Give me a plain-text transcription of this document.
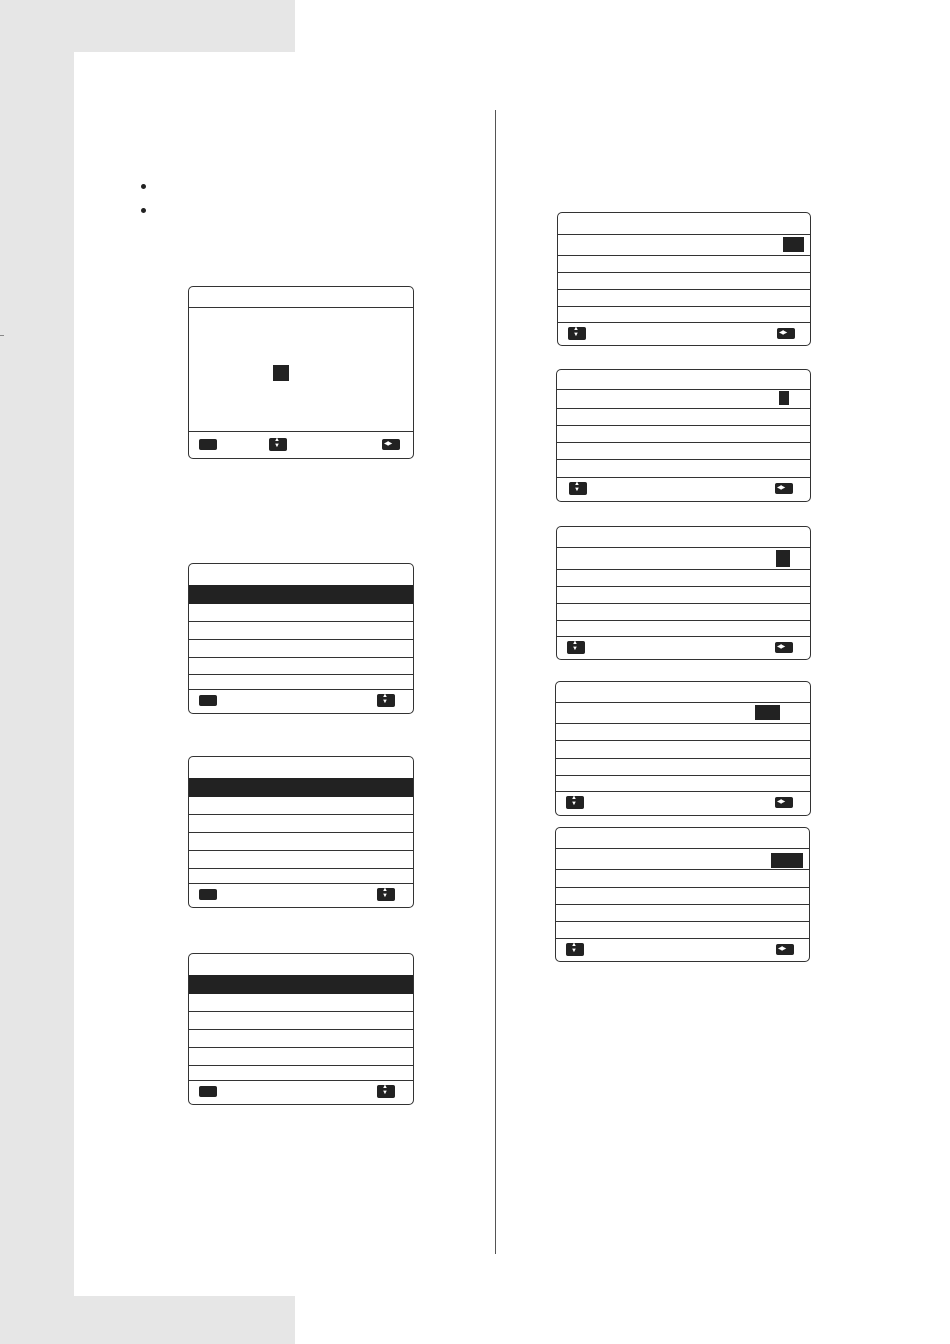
▲ ▼
◀▶
▲ ▼
▲ ▼
▲ ▼
▲ ▼
◀▶
▲ ▼
◀▶
▲ ▼
◀▶
▲ ▼
◀▶
▲ ▼
◀▶
